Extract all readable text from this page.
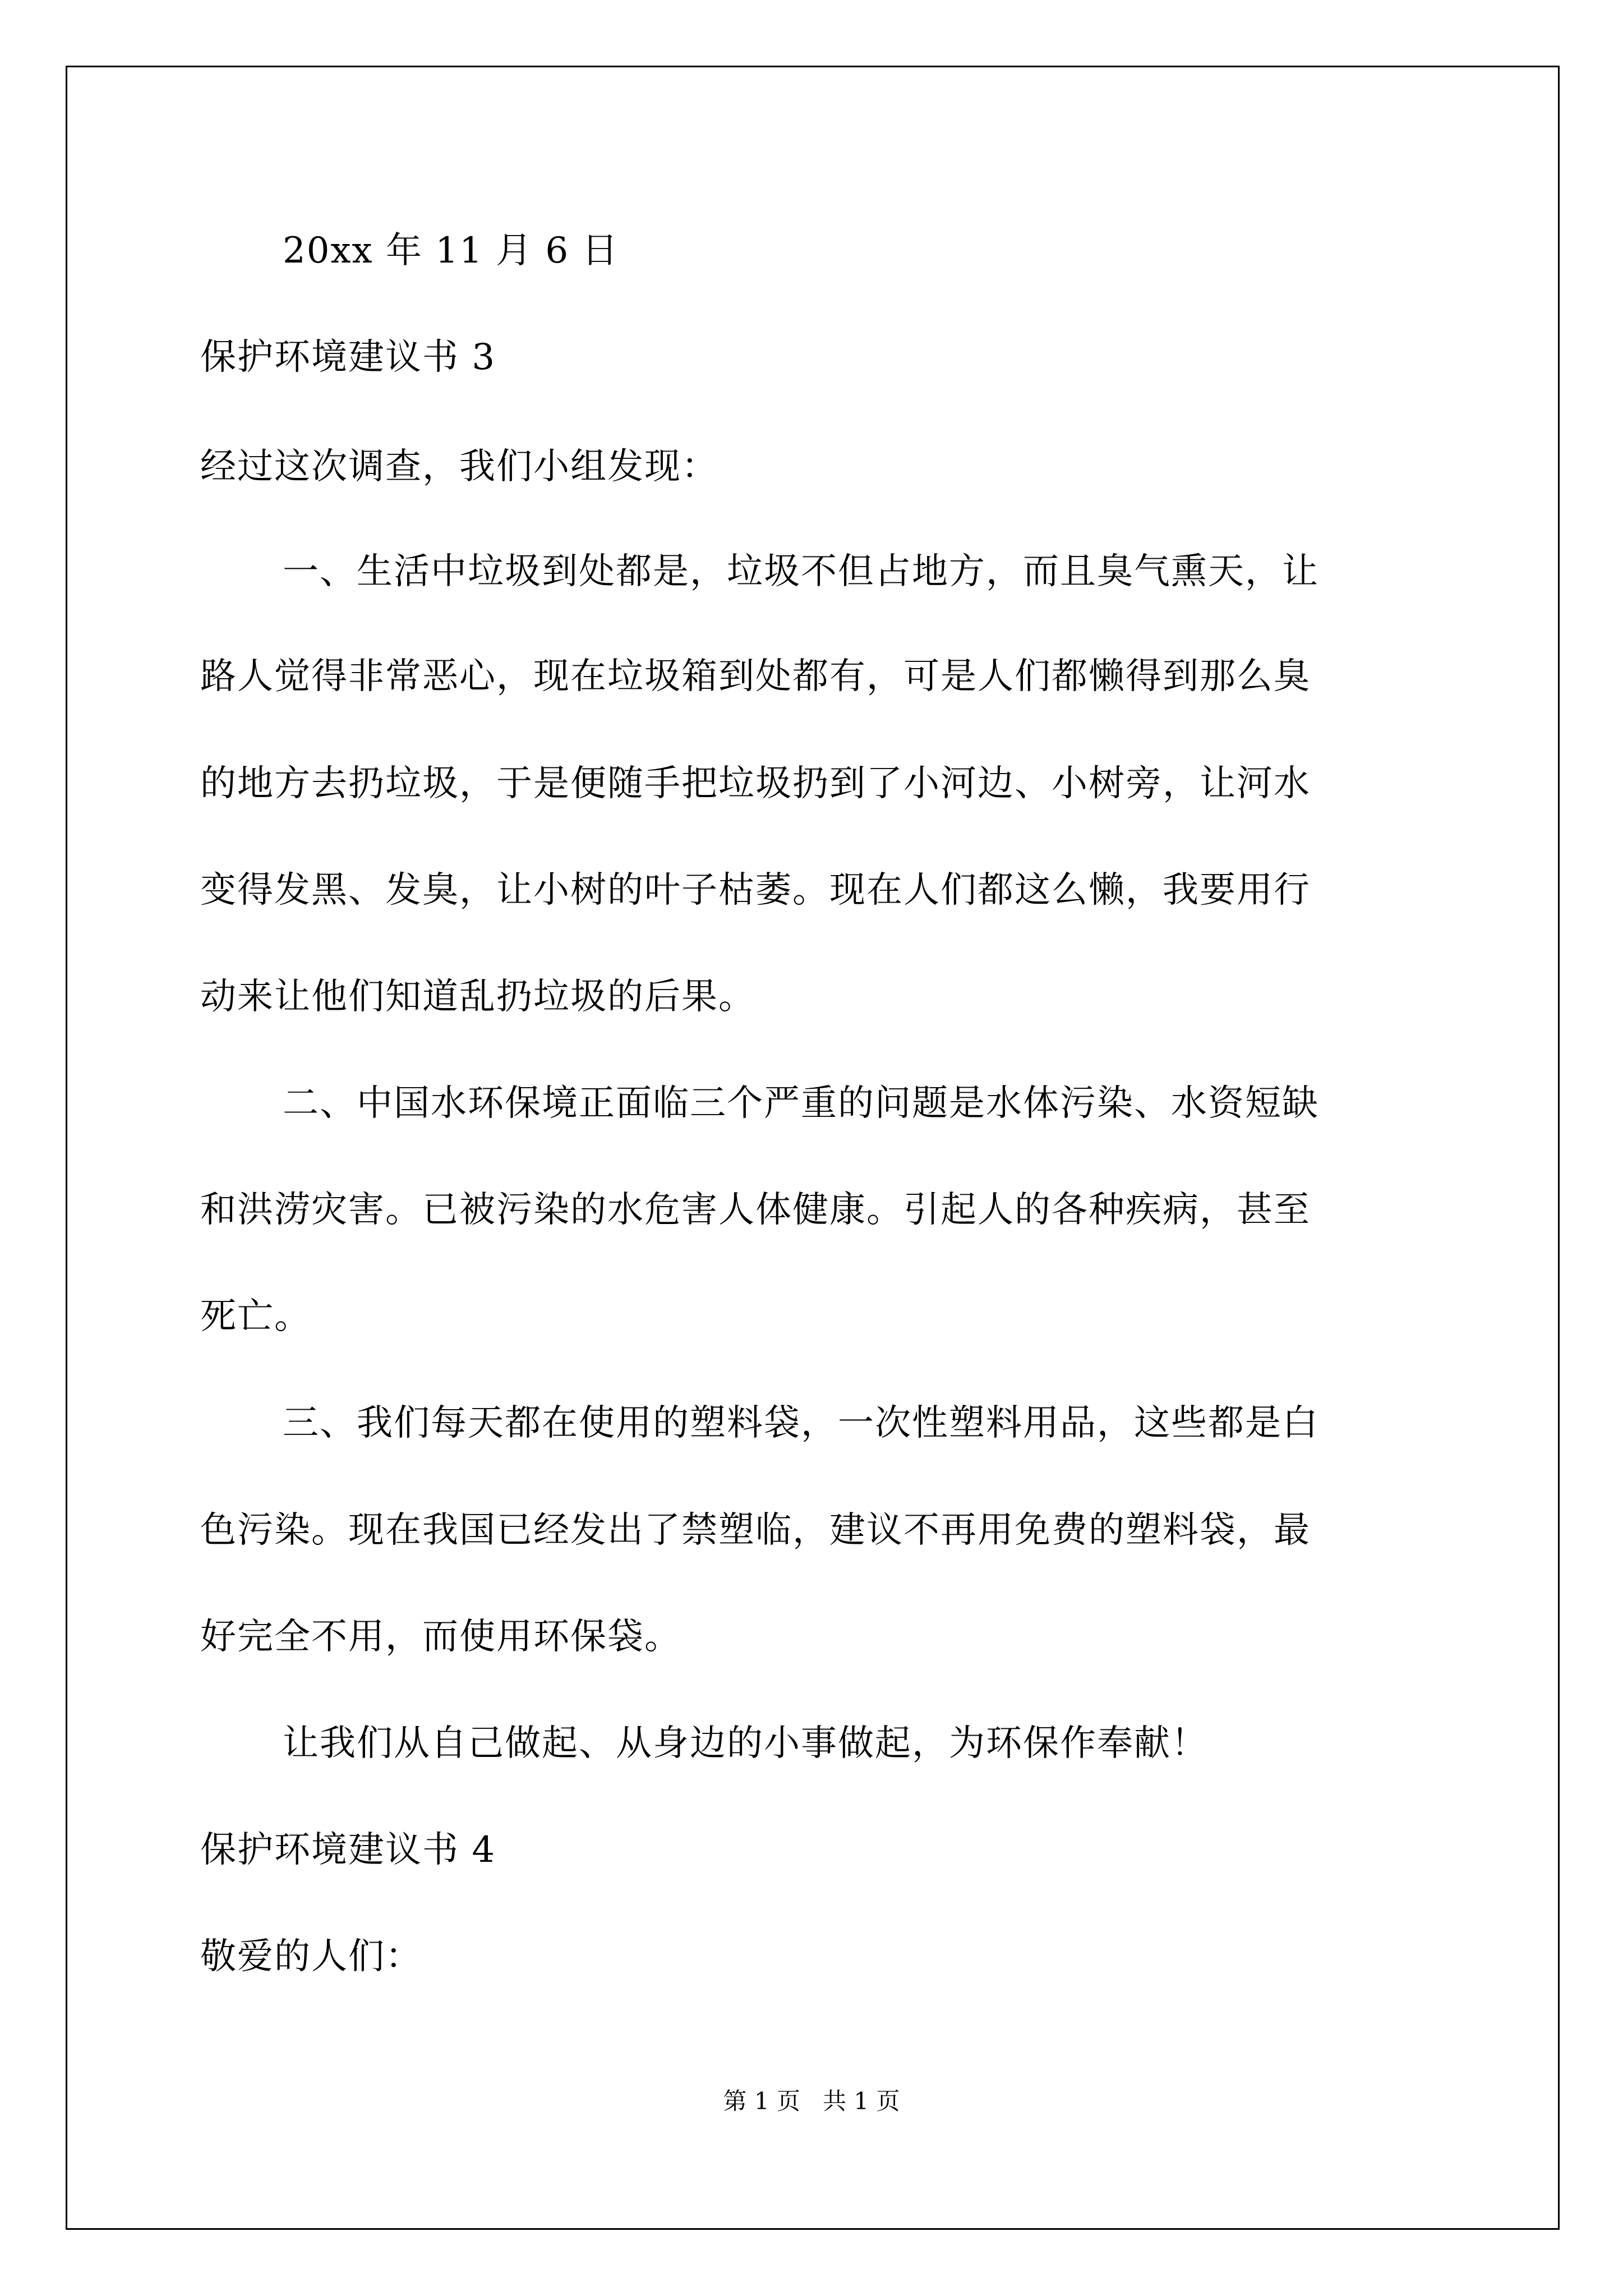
20xx 年 11 月 6 日
保护环境建议书 3
经过这次调查，我们小组发现：
一、生活中垃圾到处都是，垃圾不但占地方，而且臭气熏天，让
路人觉得非常恶心，现在垃圾箱到处都有，可是人们都懒得到那么臭
的地方去扔垃圾，于是便随手把垃圾扔到了小河边、小树旁，让河水
变得发黑、发臭，让小树的叶子枯萎。现在人们都这么懒，我要用行
动来让他们知道乱扔垃圾的后果。
二、中国水环保境正面临三个严重的问题是水体污染、水资短缺
和洪涝灾害。已被污染的水危害人体健康。引起人的各种疾病，甚至
死亡。
三、我们每天都在使用的塑料袋，一次性塑料用品，这些都是白
色污染。现在我国已经发出了禁塑临，建议不再用免费的塑料袋，最
好完全不用，而使用环保袋。
让我们从自己做起、从身边的小事做起，为环保作奉献！
保护环境建议书 4
敬爱的人们：
第 1 页   共 1 页
